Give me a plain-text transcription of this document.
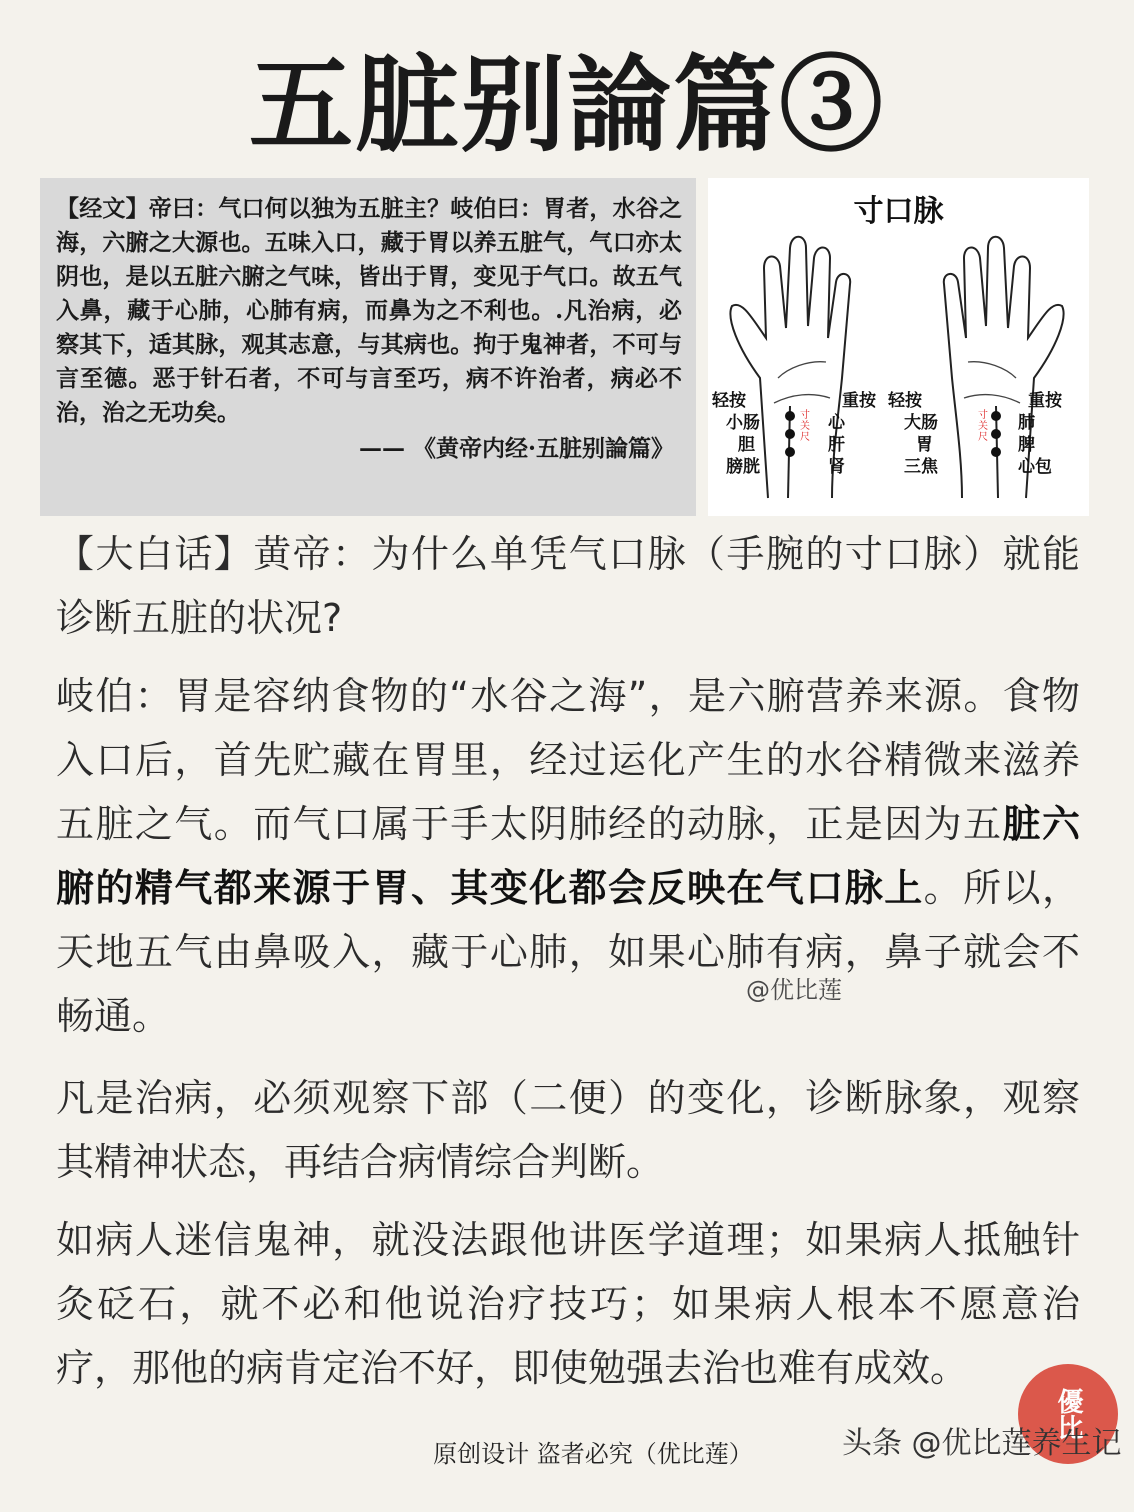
五脏别論篇③
【经文】帝曰：气口何以独为五脏主？岐伯曰：胃者，水谷之海，六腑之大源也。五味入口，藏于胃以养五脏气，气口亦太阴也，是以五脏六腑之气味，皆出于胃，变见于气口。故五气入鼻，藏于心肺，心肺有病，而鼻为之不利也。.凡治病，必察其下，适其脉，观其志意，与其病也。拘于鬼神者，不可与言至德。恶于针石者，不可与言至巧，病不许治者，病必不治，治之无功矣。
—— 《黄帝内经·五脏别論篇》
寸口脉
轻按
小肠
胆
膀胱
心
肝
肾
重按
寸关尺
轻按
大肠
胃
三焦
肺
脾
心包
重按
寸关尺
【大白话】黄帝：为什么单凭气口脉（手腕的寸口脉）就能诊断五脏的状况?
岐伯：胃是容纳食物的“水谷之海”，是六腑营养来源。食物入口后，首先贮藏在胃里，经过运化产生的水谷精微来滋养五脏之气。而气口属于手太阴肺经的动脉，正是因为五脏六腑的精气都来源于胃、其变化都会反映在气口脉上。所以，天地五气由鼻吸入，藏于心肺，如果心肺有病，鼻子就会不畅通。
@优比莲
凡是治病，必须观察下部（二便）的变化，诊断脉象，观察其精神状态，再结合病情综合判断。
如病人迷信鬼神，就没法跟他讲医学道理；如果病人抵触针灸砭石，就不必和他说治疗技巧；如果病人根本不愿意治疗，那他的病肯定治不好，即使勉强去治也难有成效。
原创设计 盗者必究（优比莲）
優比
头条 @优比莲养生记
